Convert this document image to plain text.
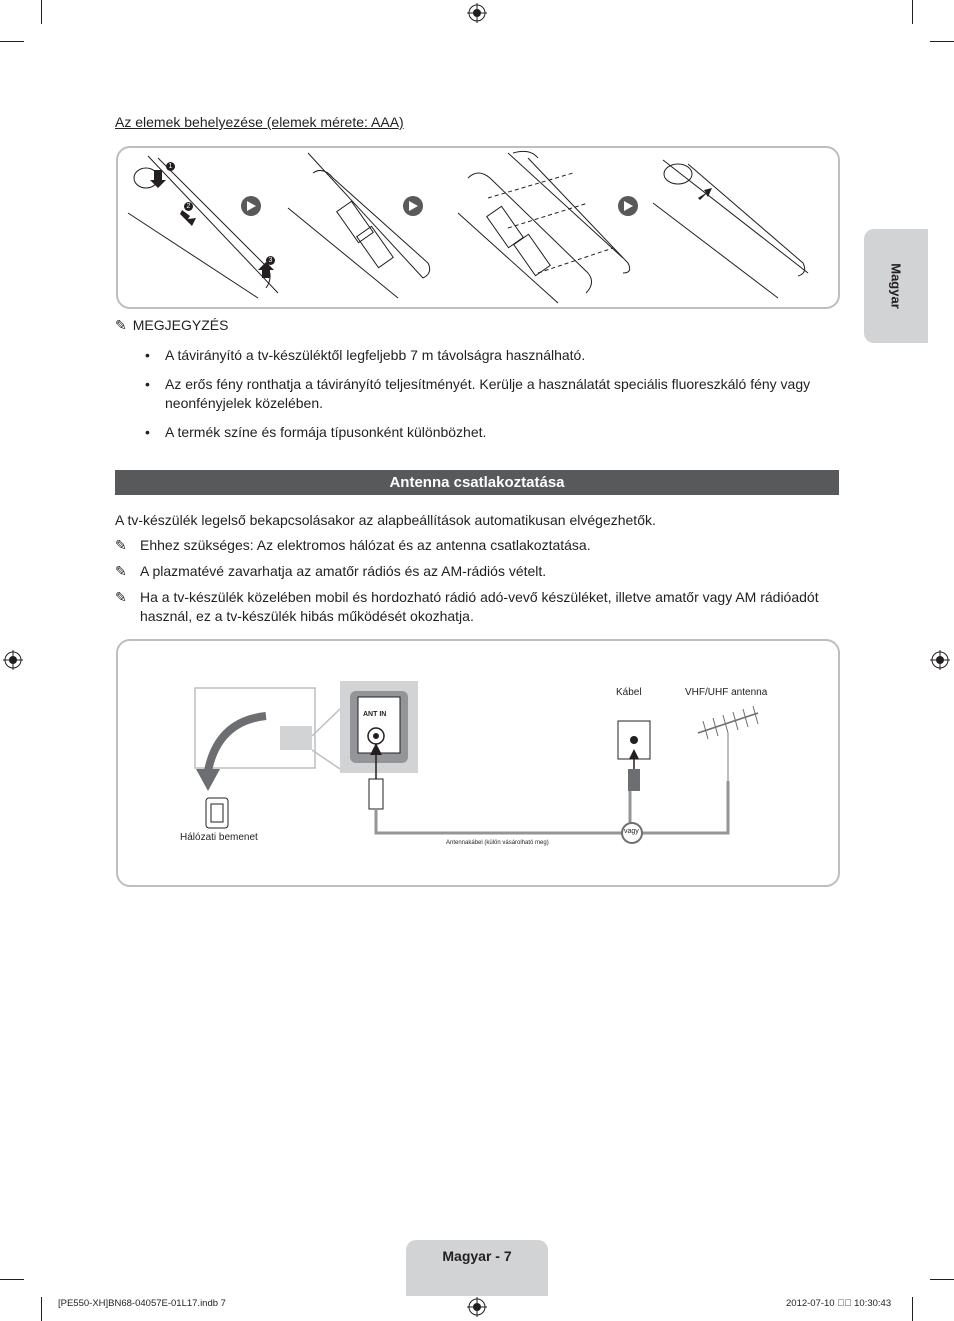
Az elemek behelyezése (elemek mérete: AAA)
1
2
3
✎ MEGJEGYZÉS
• A távirányító a tv-készüléktől legfeljebb 7 m távolságra használható.
• Az erős fény ronthatja a távirányító teljesítményét. Kerülje a használatát speciális fluoreszkáló fény vagy neonfényjelek közelében.
• A termék színe és formája típusonként különbözhet.
Antenna csatlakoztatása
A tv-készülék legelső bekapcsolásakor az alapbeállítások automatikusan elvégezhetők.
✎ Ehhez szükséges: Az elektromos hálózat és az antenna csatlakoztatása.
✎ A plazmatévé zavarhatja az amatőr rádiós és az AM-rádiós vételt.
✎ Ha a tv-készülék közelében mobil és hordozható rádió adó-vevő készüléket, illetve amatőr vagy AM rádióadót használ, ez a tv-készülék hibás működését okozhatja.
ANT IN
Hálózati bemenet
Kábel	VHF/UHF antenna
vagy
Antennakábel (külön vásárolható meg)
Magyar
Magyar - 7
[PE550-XH]BN68-04057E-01L17.indb 7	2012-07-10 ￿￿ 10:30:43
